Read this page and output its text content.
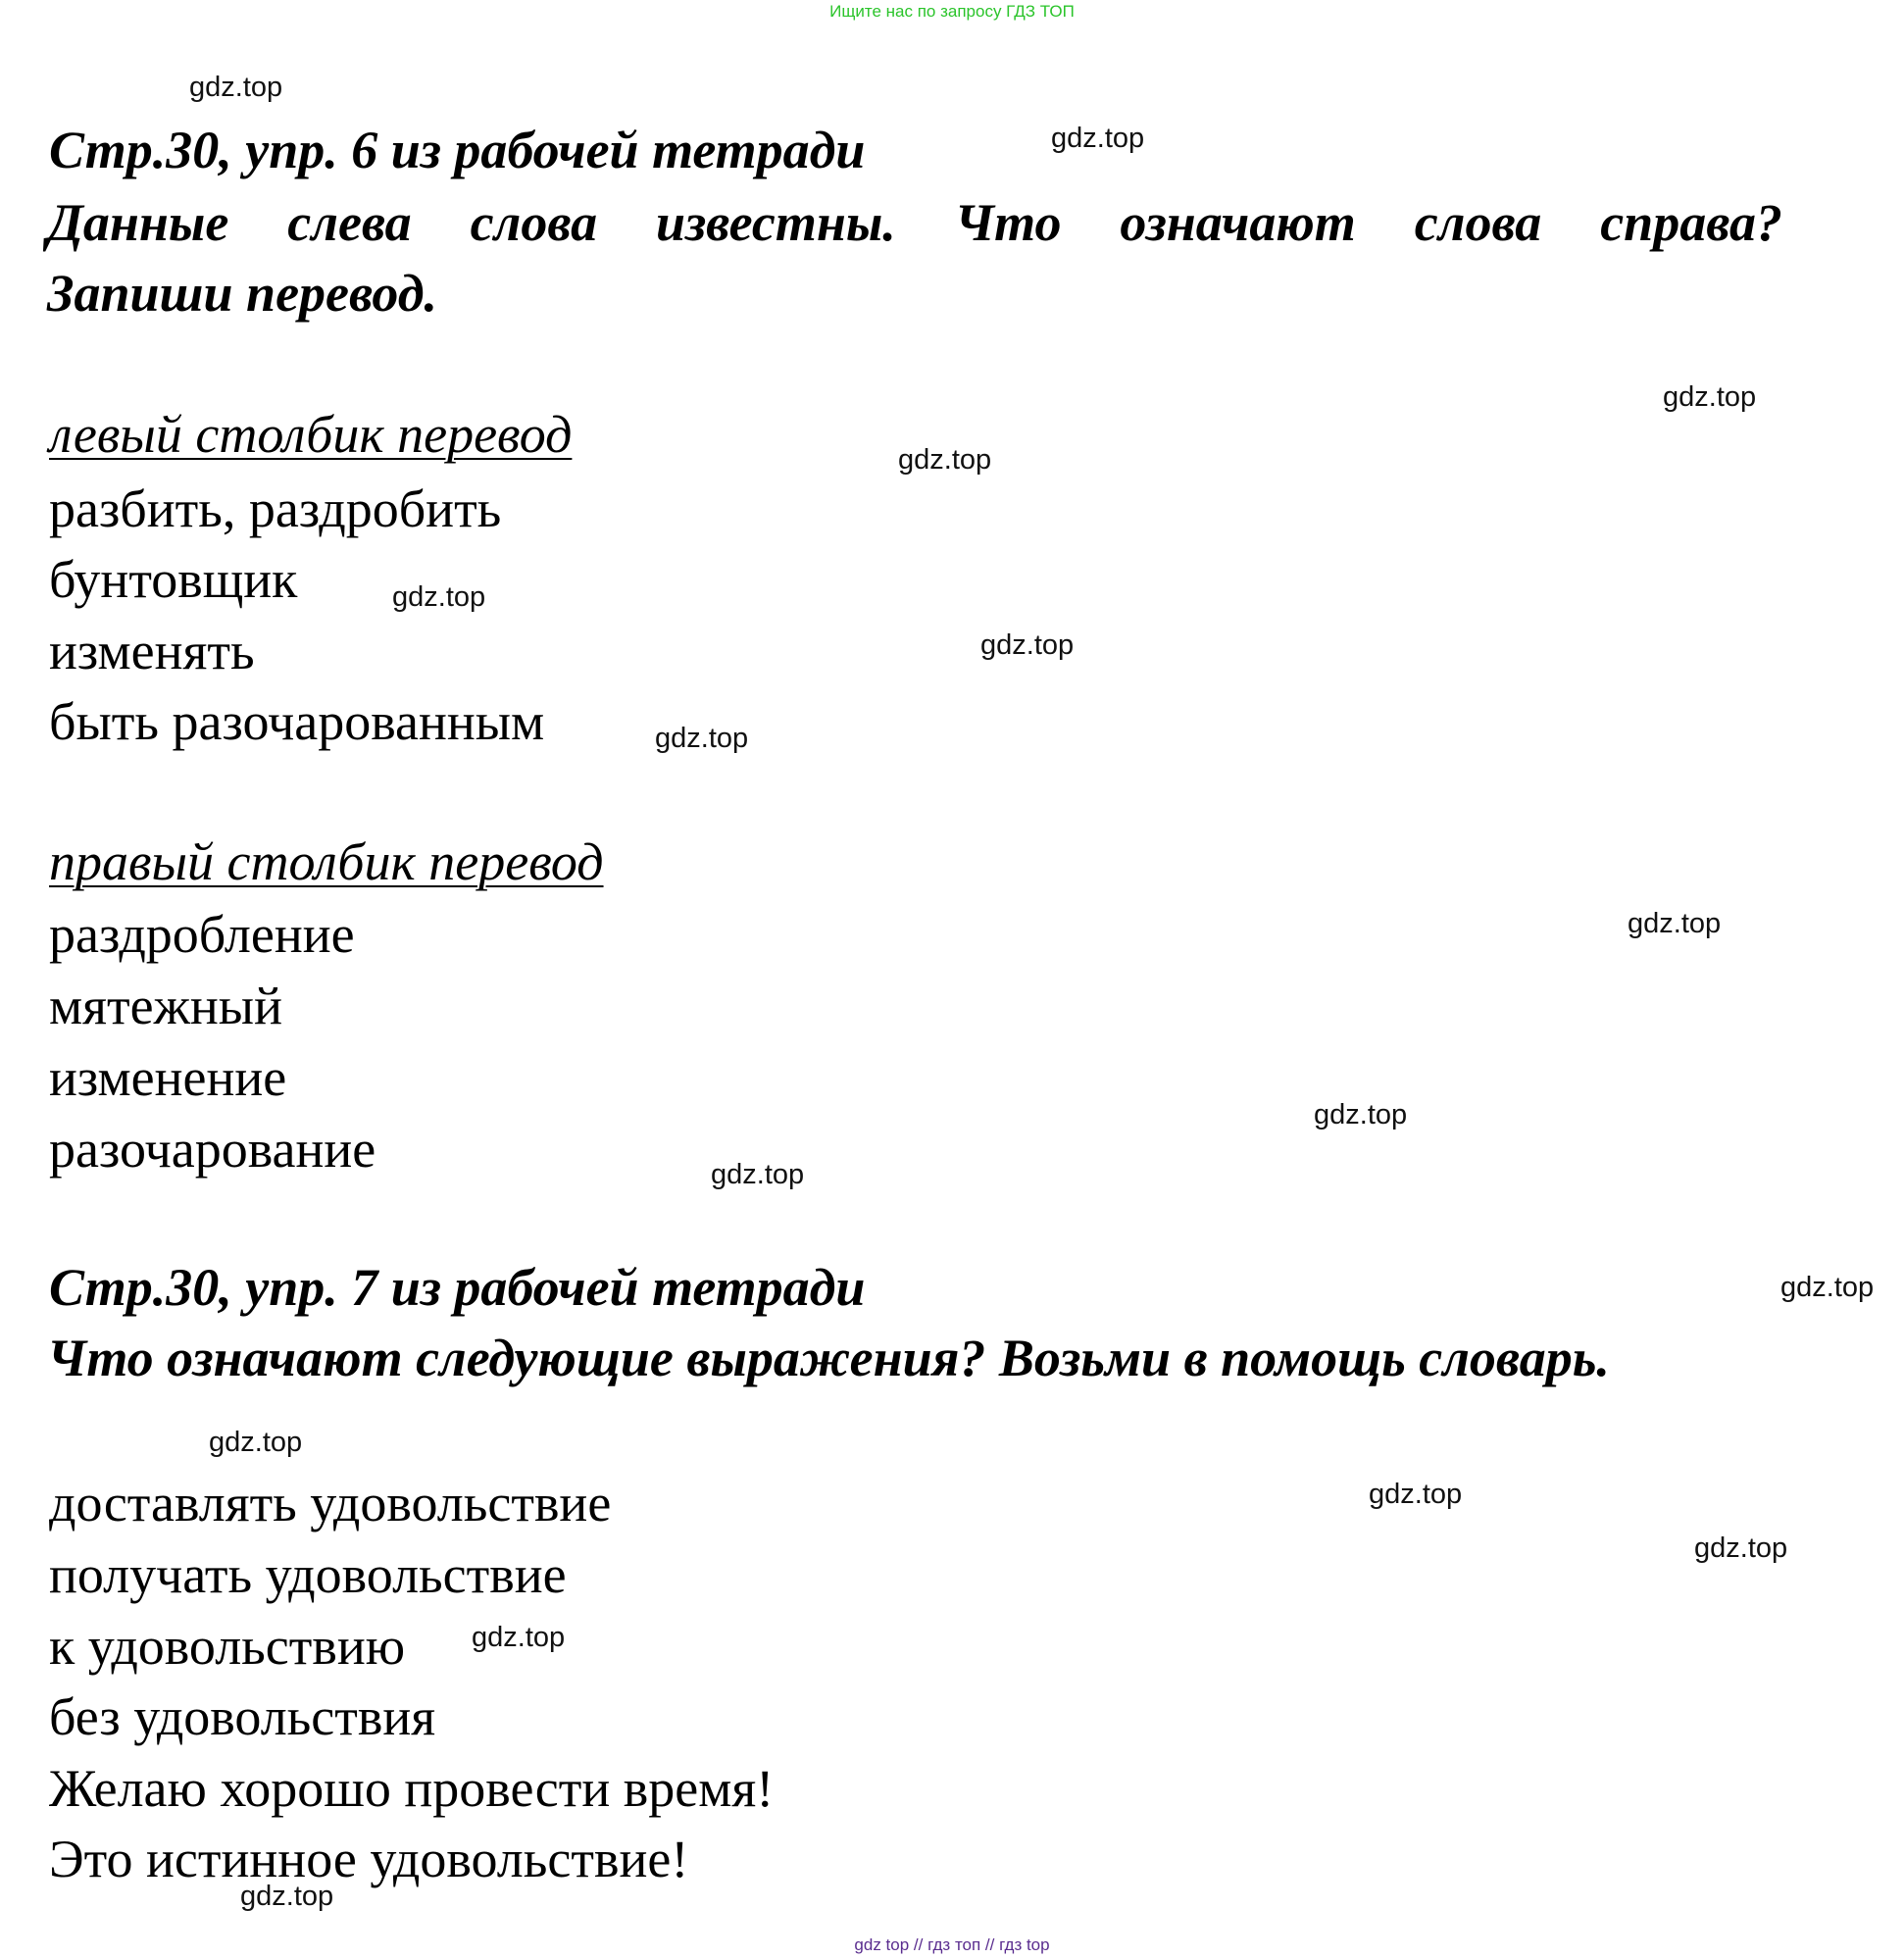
Ищите нас по запросу ГДЗ ТОП
Стр.30, упр. 6 из рабочей тетради
Данные слева слова известны. Что означают слова справа?
Запиши перевод.
левый столбик перевод
разбить, раздробить
бунтовщик
изменять
быть разочарованным
правый столбик перевод
раздробление
мятежный
изменение
разочарование
Стр.30, упр. 7 из рабочей тетради
Что означают следующие выражения? Возьми в помощь словарь.
доставлять удовольствие
получать удовольствие
к удовольствию
без удовольствия
Желаю хорошо провести время!
Это истинное удовольствие!
gdz.top
gdz.top
gdz.top
gdz.top
gdz.top
gdz.top
gdz.top
gdz.top
gdz.top
gdz.top
gdz.top
gdz.top
gdz.top
gdz.top
gdz.top
gdz.top
gdz top // гдз топ // гдз top
